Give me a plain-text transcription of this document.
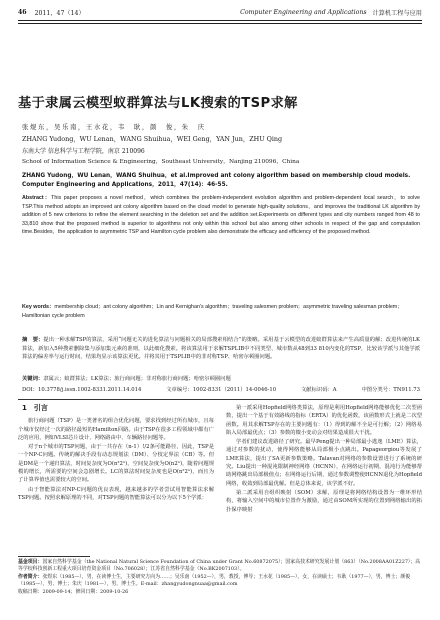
46 2011，47（14）	Computer Engineering and Applications 计算机工程与应用
基于隶属云模型蚁群算法与LK搜索的TSP求解
张煜东，吴乐南，王水花，韦　耿，颜　俊，朱　庆
ZHANG Yudong，WU Lenan，WANG Shuihua，WEI Geng，YAN Jun，ZHU Qing
东南大学 信息科学与工程学院，南京 210096
School of Information Science & Engineering，Southeast University，Nanjing 210096，China
ZHANG Yudong，WU Lenan，WANG Shuihua，et al.Improved ant colony algorithm based on membership cloud models. Computer Engineering and Applications，2011，47(14)：46-55.
Abstract：This paper proposes a novel method，which combines the problem-independent evolution algorithm and problem-dependent local search，to solve TSP.This method adopts an improved ant colony algorithm based on the cloud model to generate high-quality solutions，and improves the traditional LK algorithm by addition of 5 new criterions to refine the element searching in the deletion set and the addition set.Experiments on different types and city numbers ranged from 48 to 33,810 show that the proposed method is superior to algorithms not only within this school but also among other schools in respect of the gap and computation time.Besides，the application to asymmetric TSP and Hamilton cycle problem also demonstrate the efficacy and efficiency of the proposed method.
Key words：membership cloud；ant colony algorithm；Lin and Kernighan's algorithm；traveling salesmen problem；asymmetric traveling salesman problem；Hamiltonian cycle problem
摘　要：提出一种求解TSP的算法，采用“问题无关的进化算法与问题相关的局部搜索相结合”的策略。采用基于云模型的改进蚁群算法来产生高质量的解；改进传统的LK算法，新加入5种搜索删除集与添加集元素的准则，以此细化搜索。将该算法用于求解TSPLIB中不同类型、城市数从48到33 810内变化的TSP，比较该学派与其他学派算法的偏差率与运行时间，结果均显示该算法更优。并将其用于TSPLIB中的非对称TSP、哈密尔顿圈问题。
关键词：隶属云；蚁群算法；LK算法；旅行商问题；非对称旅行商问题；哈密尔顿圈问题
DOI：10.3778/j.issn.1002-8331.2011.14.014	文章编号：1002-8331（2011）14-0046-10	文献标识码：A	中图分类号：TN911.73
1　引言

旅行商问题（TSP）是一类著名的组合优化问题，要求找到经过所有城市，且每个城市仅经过一次的路径最短的Hamilton回路。由于TSP在很多工程领域中都有广泛的应用，例如VLSI芯片设计、网络路由中、车辆路径问题等。

对于n个城市的TSP问题，由于一共存在（n-1）!/2条可能路径，因此，TSP是一个NP-C问题。传统的解决手段有动态规划法（DM）、分枝定界法（CB）等。但是DM是一个递归算法，时间复杂度为O(n²2ⁿ)，空间复杂度为O(n2ⁿ)，随着问题规模的增长，所需要的空间会急剧增长。LC的算法时间复杂度也是O(n²2ⁿ)，而且为了计算界值也需要较大的空间。

由于智能算法对NP-C问题的优良表现，越来越多的学者尝试用智能算法求解TSP问题。按照求解原理的不同，对TSP问题的智能算法可以分为以下5个学派：

第一派采用Hopfield网络类算法，原理是利用Hopfield网络能够优化二次型函数，提出一个基于有效路线的指标（ERTA）的优化函数，该函数形式上就是二次型函数。用其求解TSP存在的主要问题有：（1）得到的解不全是可行解；（2）网络易陷入局部最优点；（3）参数的微小变动会对结果造成很大干扰。

学者们建议改进路径了研究。最早Peng提出一种局部最小逃逸（LME）算法，通过对参数的扰动，使得网络能够从局部极小点跳出。Papageorgiou等发展了LME算法，提出了SA更新参数策略。Talavan对网络的参数设置进行了系统的研究。Liu提出一种混沌限制神经网络（HCNN），在网络运行初期，混沌行为能够帮助网络跳出局部极值点；在网络运行后期，通过参数调整使HCNN退化为Hopfield网络，收敛到局部最优解。但是总体来说，该学派不好。

第二派采用自组织映射（SOM）求解，原理是将网络结构设置为一维环形结构，将输入空间中的城市位置作为激励，通过由SOM所实现的位置到网络输出的拓扑保序映射

基金项目：国家自然科学基金（the National Natural Science Foundation of China under Grant No.60872075）；国家高技术研究发展计划（863）（No.2008AA01Z227）；高等学校科技创新工程重大项目培育资金项目（No.706028）；江苏省自然科学基金（No.BK2007103）。
作者简介：张煜东（1985—），男，在读博士生，主要研究方向为……；吴乐南（1952—），男，教授，博导；王水花（1985—），女，在读硕士；韦耿（1977—），男，博士；颜俊（1985—），男，博士；朱庆（1981—），男，博士生。E-mail：zhangyudongnuaa@gmail.com
收稿日期：2009-09-14；修回日期：2009-10-26
